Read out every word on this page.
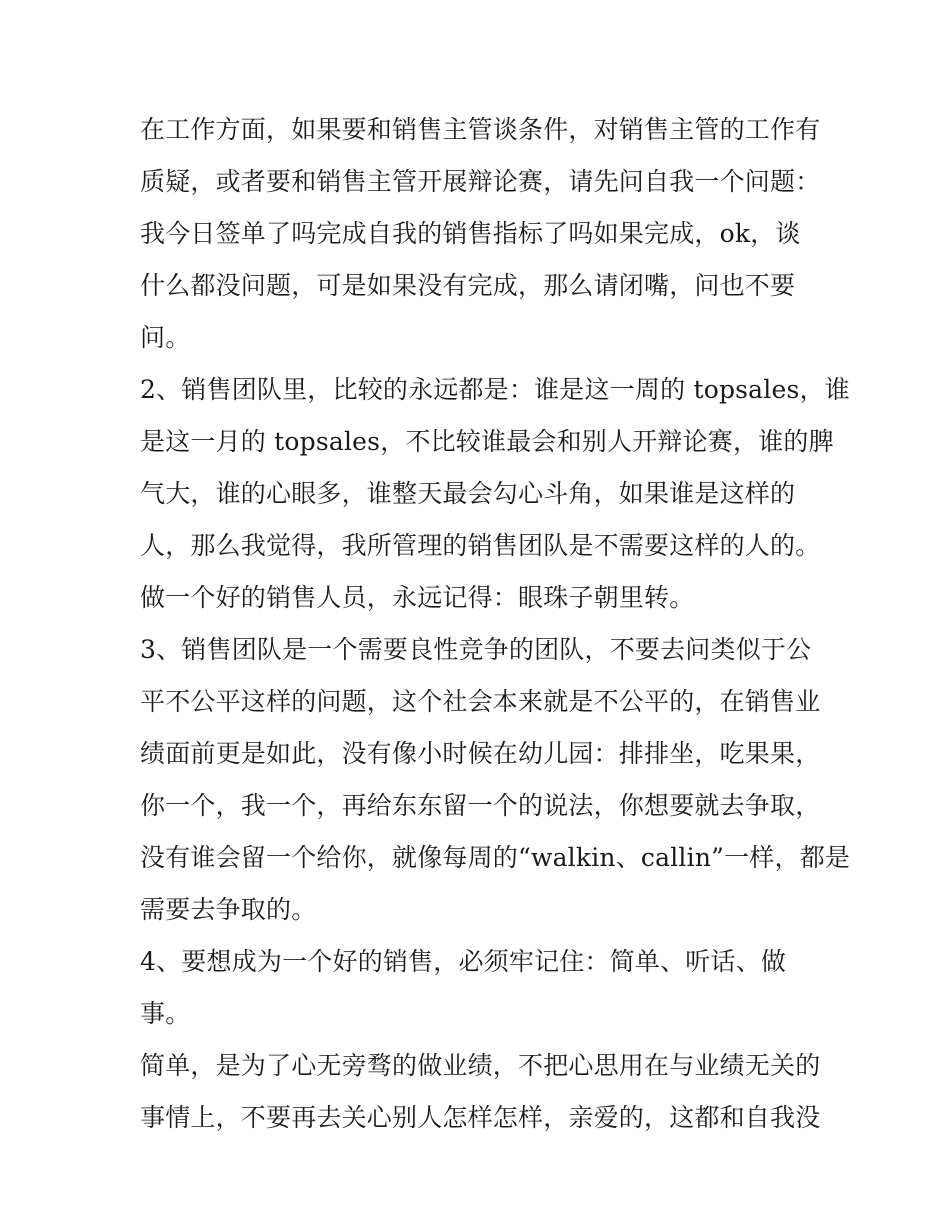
在工作方面，如果要和销售主管谈条件，对销售主管的工作有
质疑，或者要和销售主管开展辩论赛，请先问自我一个问题：
我今日签单了吗完成自我的销售指标了吗如果完成，ok，谈
什么都没问题，可是如果没有完成，那么请闭嘴，问也不要
问。
2、销售团队里，比较的永远都是：谁是这一周的 topsales，谁
是这一月的 topsales，不比较谁最会和别人开辩论赛，谁的脾
气大，谁的心眼多，谁整天最会勾心斗角，如果谁是这样的
人，那么我觉得，我所管理的销售团队是不需要这样的人的。
做一个好的销售人员，永远记得：眼珠子朝里转。
3、销售团队是一个需要良性竞争的团队，不要去问类似于公
平不公平这样的问题，这个社会本来就是不公平的，在销售业
绩面前更是如此，没有像小时候在幼儿园：排排坐，吃果果，
你一个，我一个，再给东东留一个的说法，你想要就去争取，
没有谁会留一个给你，就像每周的“walkin、callin”一样，都是
需要去争取的。
4、要想成为一个好的销售，必须牢记住：简单、听话、做
事。
简单，是为了心无旁骛的做业绩，不把心思用在与业绩无关的
事情上，不要再去关心别人怎样怎样，亲爱的，这都和自我没
